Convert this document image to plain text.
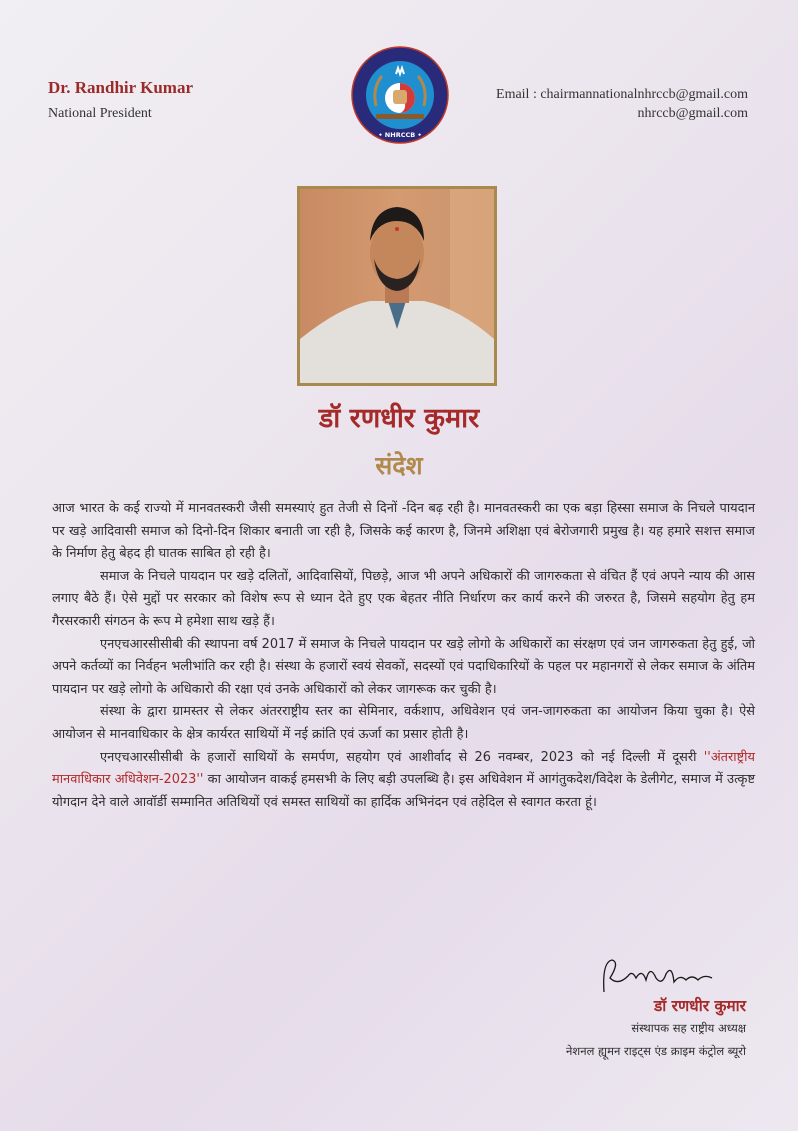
Dr. Randhir Kumar
National President
• NHRCCB •
Email : chairmannationalnhrccb@gmail.com
nhrccb@gmail.com
डॉ रणधीर कुमार
संदेश

आज भारत के कई राज्यो में मानवतस्करी जैसी समस्याएं हुत तेजी से दिनों -दिन बढ़ रही है। मानवतस्करी का एक बड़ा हिस्सा समाज के निचले पायदान पर खड़े आदिवासी समाज को दिनो-दिन शिकार बनाती जा रही है, जिसके कई कारण है, जिनमे अशिक्षा एवं बेरोजगारी प्रमुख है। यह हमारे सशत्त समाज के निर्माण हेतु बेहद ही घातक साबित हो रही है।

समाज के निचले पायदान पर खड़े दलितों, आदिवासियों, पिछड़े, आज भी अपने अधिकारों की जागरुकता से वंचित हैं एवं अपने न्याय की आस लगाए बैठे हैं। ऐसे मुद्दों पर सरकार को विशेष रूप से ध्यान देते हुए एक बेहतर नीति निर्धारण कर कार्य करने की जरुरत है, जिसमे सहयोग हेतु हम गैरसरकारी संगठन के रूप मे हमेशा साथ खड़े हैं।

एनएचआरसीसीबी की स्थापना वर्ष 2017 में समाज के निचले पायदान पर खड़े लोगो के अधिकारों का संरक्षण एवं जन जागरुकता हेतु हुई, जो अपने कर्तव्यों का निर्वहन भलीभांति कर रही है। संस्था के हजारों स्वयं सेवकों, सदस्यों एवं पदाधिकारियों के पहल पर महानगरों से लेकर समाज के अंतिम पायदान पर खड़े लोगो के अधिकारो की रक्षा एवं उनके अधिकारों को लेकर जागरूक कर चुकी है।

संस्था के द्वारा ग्रामस्तर से लेकर अंतरराष्ट्रीय स्तर का सेमिनार, वर्कशाप, अधिवेशन एवं जन-जागरुकता का आयोजन किया चुका है। ऐसे आयोजन से मानवाधिकार के क्षेत्र कार्यरत साथियों में नई क्रांति एवं ऊर्जा का प्रसार होती है।

एनएचआरसीसीबी के हजारों साथियों के समर्पण, सहयोग एवं आशीर्वाद से 26 नवम्बर, 2023 को नई दिल्ली में दूसरी ''अंतराष्ट्रीय मानवाधिकार अधिवेशन-2023'' का आयोजन वाकई हमसभी के लिए बड़ी उपलब्धि है। इस अधिवेशन में आगंतुकदेश/विदेश के डेलीगेट, समाज में उत्कृष्ट योगदान देने वाले आवॉर्डी सम्मानित अतिथियों एवं समस्त साथियों का हार्दिक अभिनंदन एवं तहेदिल से स्वागत करता हूं।

डॉ रणधीर कुमार
संस्थापक सह राष्ट्रीय अध्यक्ष
नेशनल ह्यूमन राइट्स एंड क्राइम कंट्रोल ब्यूरो
